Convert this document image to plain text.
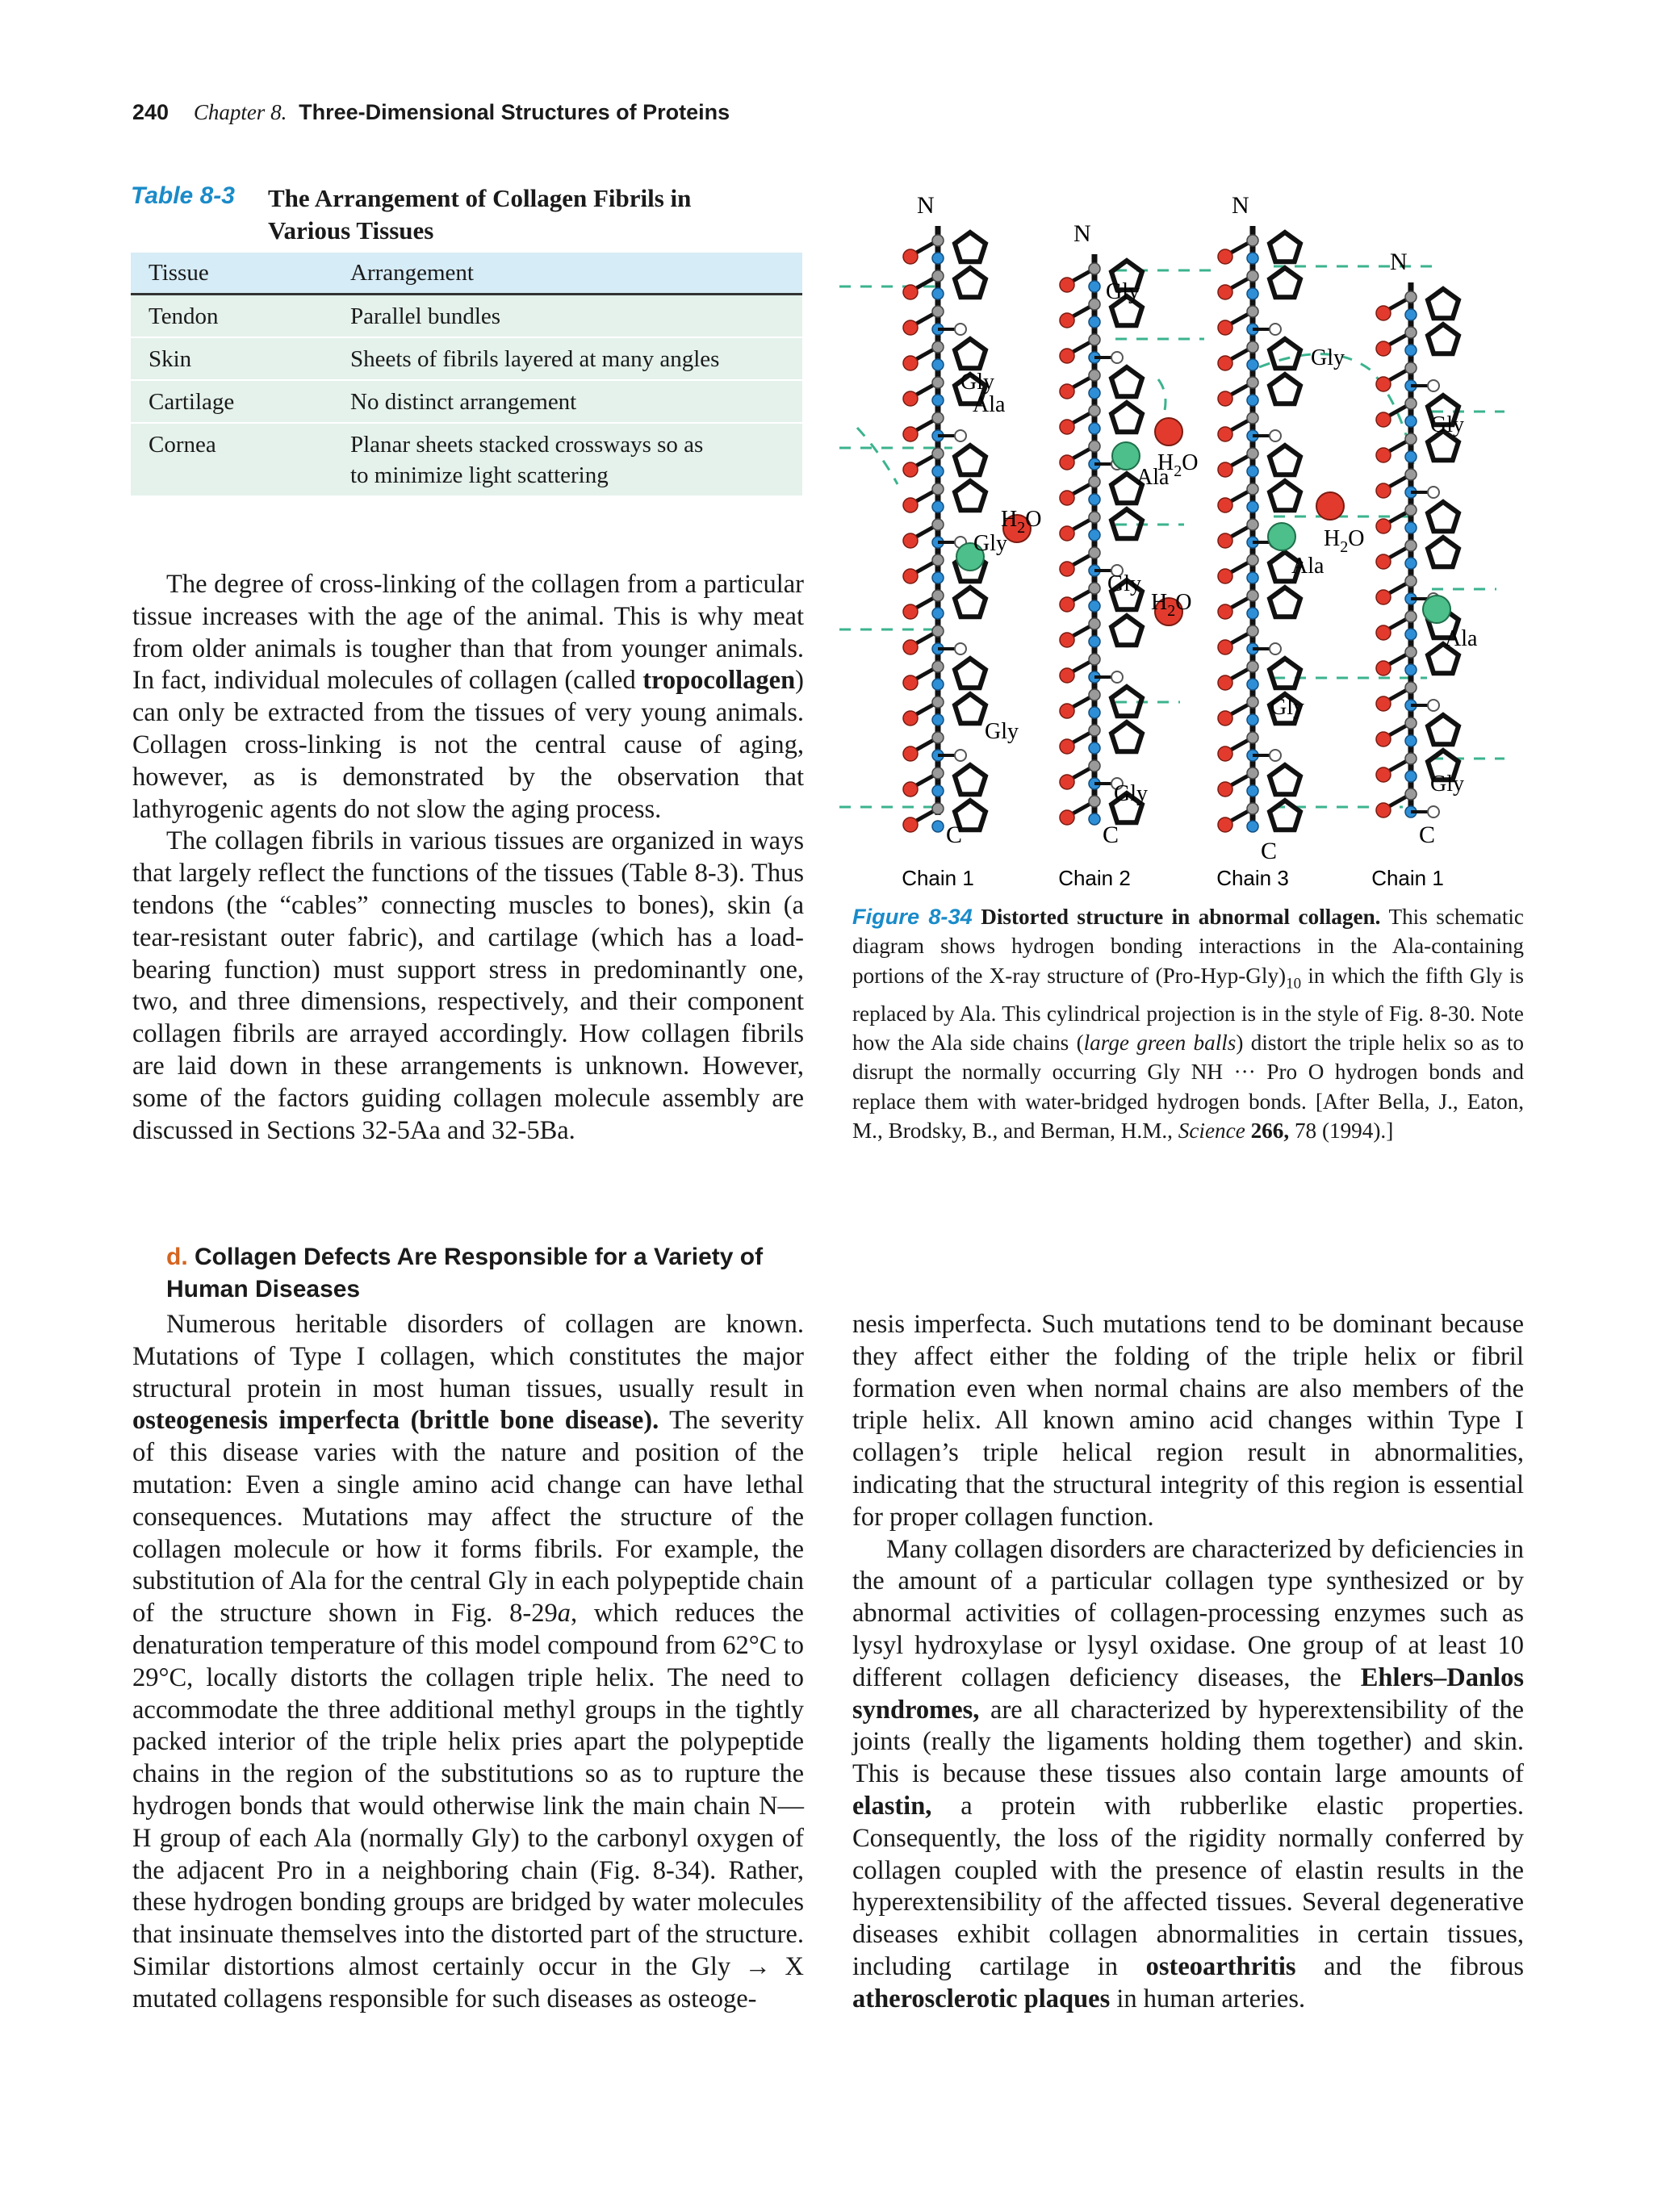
240 Chapter 8. Three-Dimensional Structures of Proteins
Table 8-3 The Arrangement of Collagen Fibrils in Various Tissues
Tissue	Arrangement
Tendon	Parallel bundles
Skin	Sheets of fibrils layered at many angles
Cartilage	No distinct arrangement
Cornea	Planar sheets stacked crossways so as to minimize light scattering

The degree of cross-linking of the collagen from a particular tissue increases with the age of the animal. This is why meat from older animals is tougher than that from younger animals. In fact, individual molecules of collagen (called tropocollagen) can only be extracted from the tissues of very young animals. Collagen cross-linking is not the central cause of aging, however, as is demonstrated by the observation that lathyrogenic agents do not slow the aging process.

The collagen fibrils in various tissues are organized in ways that largely reflect the functions of the tissues (Table 8-3). Thus tendons (the “cables” connecting muscles to bones), skin (a tear-resistant outer fabric), and cartilage (which has a load-bearing function) must support stress in predominantly one, two, and three dimensions, respectively, and their component collagen fibrils are arrayed accordingly. How collagen fibrils are laid down in these arrangements is unknown. However, some of the factors guiding collagen molecule assembly are discussed in Sections 32-5Aa and 32-5Ba.

d. Collagen Defects Are Responsible for a Variety of Human Diseases

Numerous heritable disorders of collagen are known. Mutations of Type I collagen, which constitutes the major structural protein in most human tissues, usually result in osteogenesis imperfecta (brittle bone disease). The severity of this disease varies with the nature and position of the mutation: Even a single amino acid change can have lethal consequences. Mutations may affect the structure of the collagen molecule or how it forms fibrils. For example, the substitution of Ala for the central Gly in each polypeptide chain of the structure shown in Fig. 8-29a, which reduces the denaturation temperature of this model compound from 62°C to 29°C, locally distorts the collagen triple helix. The need to accommodate the three additional methyl groups in the tightly packed interior of the triple helix pries apart the polypeptide chains in the region of the substitutions so as to rupture the hydrogen bonds that would otherwise link the main chain N—H group of each Ala (normally Gly) to the carbonyl oxygen of the adjacent Pro in a neighboring chain (Fig. 8-34). Rather, these hydrogen bonding groups are bridged by water molecules that insinuate themselves into the distorted part of the structure. Similar distortions almost certainly occur in the Gly → X mutated collagens responsible for such diseases as osteoge-

nesis imperfecta. Such mutations tend to be dominant because they affect either the folding of the triple helix or fibril formation even when normal chains are also members of the triple helix. All known amino acid changes within Type I collagen’s triple helical region result in abnormalities, indicating that the structural integrity of this region is essential for proper collagen function.

Many collagen disorders are characterized by deficiencies in the amount of a particular collagen type synthesized or by abnormal activities of collagen-processing enzymes such as lysyl hydroxylase or lysyl oxidase. One group of at least 10 different collagen deficiency diseases, the Ehlers–Danlos syndromes, are all characterized by hyperextensibility of the joints (really the ligaments holding them together) and skin. This is because these tissues also contain large amounts of elastin, a protein with rubberlike elastic properties. Consequently, the loss of the rigidity normally conferred by collagen coupled with the presence of elastin results in the hyperextensibility of the affected tissues. Several degenerative diseases exhibit collagen abnormalities in certain tissues, including cartilage in osteoarthritis and the fibrous atherosclerotic plaques in human arteries.

N
C
N
C
N
C
N
C
Gly
Gly
Gly
Gly
Gly
Gly
Gly
Gly
Gly
Gly
Ala
Ala
Ala
Ala
$H_2O$
$H_2O$
$H_2O$
$H_2O$
Chain 1	Chain 2	Chain 3	Chain 1
Figure 8-34 Distorted structure in abnormal collagen. This schematic diagram shows hydrogen bonding interactions in the Ala-containing portions of the X-ray structure of $(Pro-Hyp-Gly)_{10}$ in which the fifth Gly is replaced by Ala. This cylindrical projection is in the style of Fig. 8-30. Note how the Ala side chains (large green balls) distort the triple helix so as to disrupt the normally occurring Gly NH ··· Pro O hydrogen bonds and replace them with water-bridged hydrogen bonds. [After Bella, J., Eaton, M., Brodsky, B., and Berman, H.M., Science 266, 78 (1994).]
